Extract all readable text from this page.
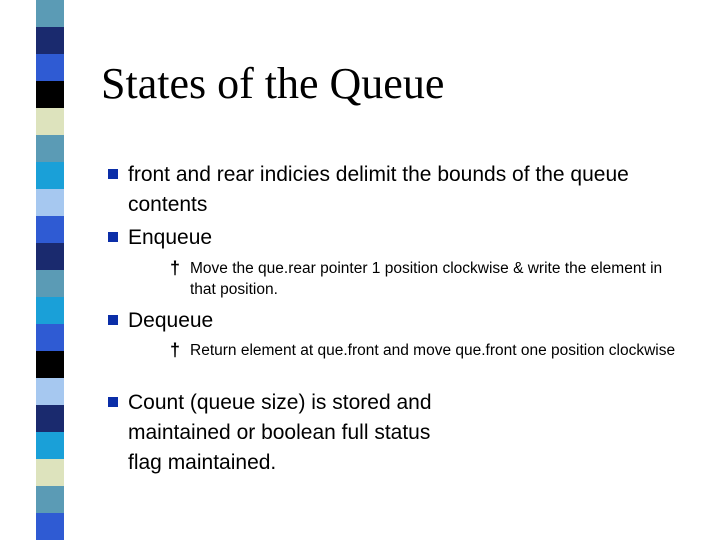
States of the Queue
front and rear indicies delimit the bounds of the queue contents
Enqueue
† Move the que.rear pointer 1 position clockwise & write the element in that position.
Dequeue
† Return element at que.front and move que.front one position clockwise
Count (queue size) is stored and maintained or boolean full status flag maintained.
